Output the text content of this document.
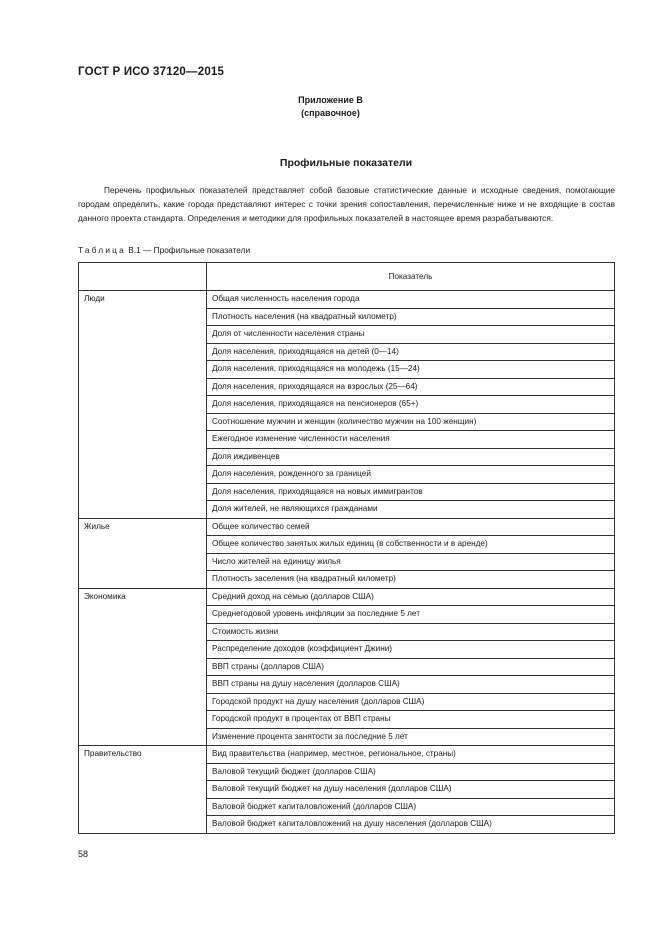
ГОСТ Р ИСО 37120—2015
Приложение В
(справочное)
Профильные показатели

Перечень профильных показателей представляет собой базовые статистические данные и исходные сведения, помогающие городам определить, какие города представляют интерес с точки зрения сопоставления, перечисленные ниже и не входящие в состав данного проекта стандарта. Определения и методики для профильных показателей в настоящее время разрабатываются.

Таблица В.1 — Профильные показатели
	Показатель
Люди	Общая численность населения города
	Плотность населения (на квадратный километр)
	Доля от численности населения страны
	Доля населения, приходящаяся на детей (0—14)
	Доля населения, приходящаяся на молодежь (15—24)
	Доля населения, приходящаяся на взрослых (25—64)
	Доля населения, приходящаяся на пенсионеров (65+)
	Соотношение мужчин и женщин (количество мужчин на 100 женщин)
	Ежегодное изменение численности населения
	Доля иждивенцев
	Доля населения, рожденного за границей
	Доля населения, приходящаяся на новых иммигрантов
	Доля жителей, не являющихся гражданами
Жилье	Общее количество семей
	Общее количество занятых жилых единиц (в собственности и в аренде)
	Число жителей на единицу жилья
	Плотность заселения (на квадратный километр)
Экономика	Средний доход на семью (долларов США)
	Среднегодовой уровень инфляции за последние 5 лет
	Стоимость жизни
	Распределение доходов (коэффициент Джини)
	ВВП страны (долларов США)
	ВВП страны на душу населения (долларов США)
	Городской продукт на душу населения (долларов США)
	Городской продукт в процентах от ВВП страны
	Изменение процента занятости за последние 5 лет
Правительство	Вид правительства (например, местное, региональное, страны)
	Валовой текущий бюджет (долларов США)
	Валовой текущий бюджет на душу населения (долларов США)
	Валовой бюджет капиталовложений (долларов США)
	Валовой бюджет капиталовложений на душу населения (долларов США)
58
